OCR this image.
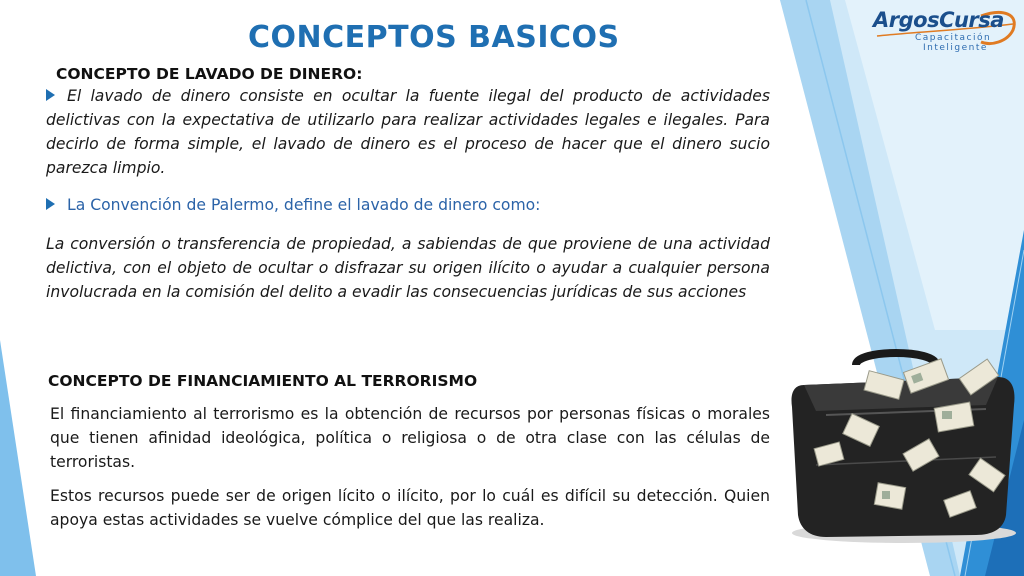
CONCEPTOS BASICOS	ArgosCursa
Capacitación
Inteligente
CONCEPTO DE LAVADO DE DINERO:
El lavado de dinero consiste en ocultar la fuente ilegal del producto de actividades delictivas con la expectativa de utilizarlo para realizar actividades legales e ilegales. Para decirlo de forma simple, el lavado de dinero es el proceso de hacer que el dinero sucio parezca limpio.
La Convención de Palermo, define el lavado de dinero como:
La conversión o transferencia de propiedad, a sabiendas de que proviene de una actividad delictiva, con el objeto de ocultar o disfrazar su origen ilícito o ayudar a cualquier persona involucrada en la comisión del delito a evadir las consecuencias jurídicas de sus acciones
CONCEPTO DE FINANCIAMIENTO AL TERRORISMO
El financiamiento al terrorismo es la obtención de recursos por personas físicas o morales que tienen afinidad ideológica, política o religiosa o de otra clase con las células de terroristas.
Estos recursos puede ser de origen lícito o ilícito, por lo cuál es difícil su detección. Quien apoya estas actividades se vuelve cómplice del que las realiza.
